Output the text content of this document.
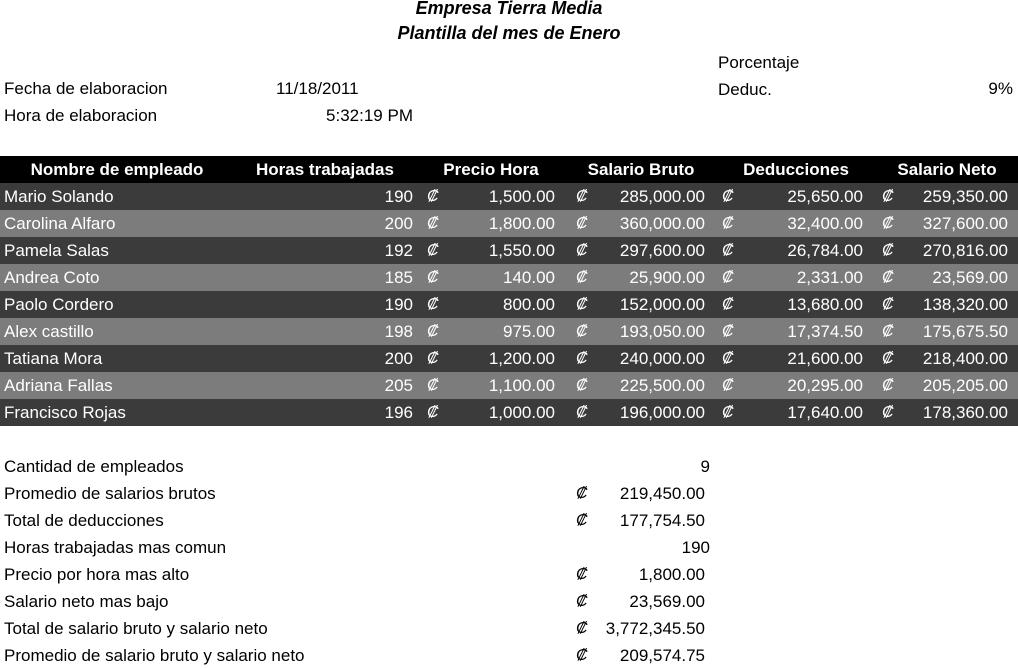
Empresa Tierra Media
Plantilla del mes de Enero
Fecha de elaboracion	11/18/2011
Hora de elaboracion	5:32:19 PM
Porcentaje
Deduc.	9%
Nombre de empleado	Horas trabajadas	Precio Hora	Salario Bruto	Deducciones	Salario Neto
Mario Solando	190 ₡	1,500.00 ₡	285,000.00 ₡	25,650.00 ₡	259,350.00
Carolina Alfaro	200 ₡	1,800.00 ₡	360,000.00 ₡	32,400.00 ₡	327,600.00
Pamela Salas	192 ₡	1,550.00 ₡	297,600.00 ₡	26,784.00 ₡	270,816.00
Andrea Coto	185 ₡	140.00 ₡	25,900.00 ₡	2,331.00 ₡	23,569.00
Paolo Cordero	190 ₡	800.00 ₡	152,000.00 ₡	13,680.00 ₡	138,320.00
Alex castillo	198 ₡	975.00 ₡	193,050.00 ₡	17,374.50 ₡	175,675.50
Tatiana Mora	200 ₡	1,200.00 ₡	240,000.00 ₡	21,600.00 ₡	218,400.00
Adriana Fallas	205 ₡	1,100.00 ₡	225,500.00 ₡	20,295.00 ₡	205,205.00
Francisco Rojas	196 ₡	1,000.00 ₡	196,000.00 ₡	17,640.00 ₡	178,360.00
Cantidad de empleados	9
Promedio de salarios brutos	₡	219,450.00
Total de deducciones	₡	177,754.50
Horas trabajadas mas comun	190
Precio por hora mas alto	₡	1,800.00
Salario neto mas bajo	₡	23,569.00
Total de salario bruto y salario neto	₡	3,772,345.50
Promedio de salario bruto y salario neto	₡	209,574.75
